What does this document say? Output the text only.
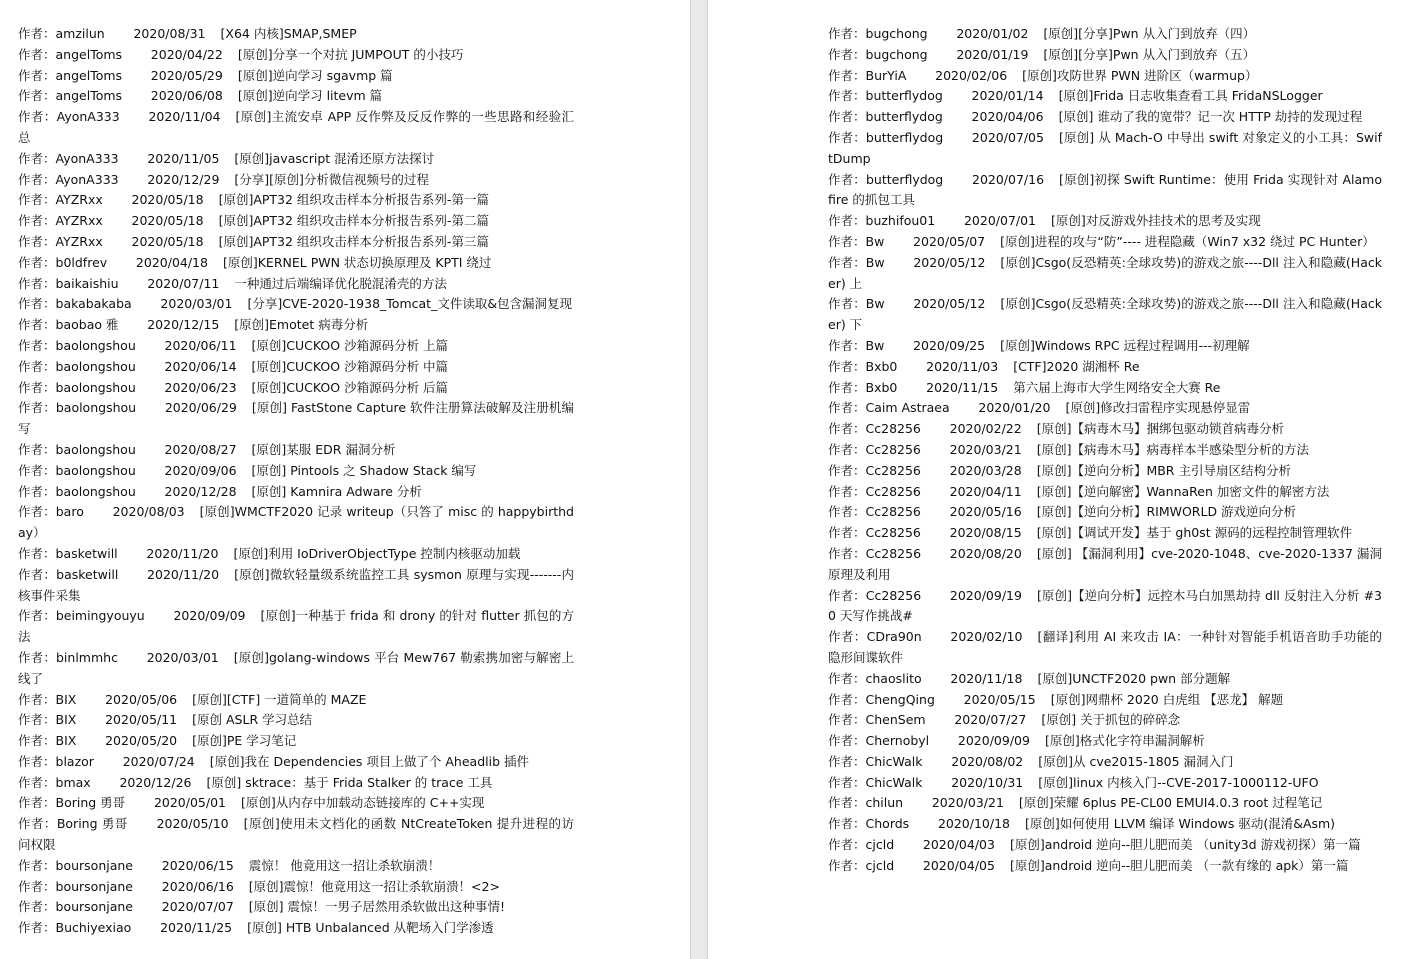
作者：amzilun 2020/08/31 [X64 内核]SMAP,SMEP

作者：angelToms 2020/04/22 [原创]分享一个对抗 JUMPOUT 的小技巧

作者：angelToms 2020/05/29 [原创]逆向学习 sgavmp 篇

作者：angelToms 2020/06/08 [原创]逆向学习 litevm 篇

作者：AyonA333 2020/11/04 [原创]主流安卓 APP 反作弊及反反作弊的一些思路和经验汇总

作者：AyonA333 2020/11/05 [原创]javascript 混淆还原方法探讨

作者：AyonA333 2020/12/29 [分享][原创]分析微信视频号的过程

作者：AYZRxx 2020/05/18 [原创]APT32 组织攻击样本分析报告系列-第一篇

作者：AYZRxx 2020/05/18 [原创]APT32 组织攻击样本分析报告系列-第二篇

作者：AYZRxx 2020/05/18 [原创]APT32 组织攻击样本分析报告系列-第三篇

作者：b0ldfrev 2020/04/18 [原创]KERNEL PWN 状态切换原理及 KPTI 绕过

作者：baikaishiu 2020/07/11 一种通过后端编译优化脱混淆壳的方法

作者：bakabakaba 2020/03/01 [分享]CVE-2020-1938_Tomcat_文件读取&包含漏洞复现

作者：baobao 雅 2020/12/15 [原创]Emotet 病毒分析

作者：baolongshou 2020/06/11 [原创]CUCKOO 沙箱源码分析 上篇

作者：baolongshou 2020/06/14 [原创]CUCKOO 沙箱源码分析 中篇

作者：baolongshou 2020/06/23 [原创]CUCKOO 沙箱源码分析 后篇

作者：baolongshou 2020/06/29 [原创] FastStone Capture 软件注册算法破解及注册机编写

作者：baolongshou 2020/08/27 [原创]某服 EDR 漏洞分析

作者：baolongshou 2020/09/06 [原创] Pintools 之 Shadow Stack 编写

作者：baolongshou 2020/12/28 [原创] Kamnira Adware 分析

作者：baro 2020/08/03 [原创]WMCTF2020 记录 writeup（只答了 misc 的 happybirthday）

作者：basketwill 2020/11/20 [原创]利用 IoDriverObjectType 控制内核驱动加载

作者：basketwill 2020/11/20 [原创]微软轻量级系统监控工具 sysmon 原理与实现-------内核事件采集

作者：beimingyouyu 2020/09/09 [原创]一种基于 frida 和 drony 的针对 flutter 抓包的方法

作者：binlmmhc 2020/03/01 [原创]golang-windows 平台 Mew767 勒索携加密与解密上线了

作者：BIX 2020/05/06 [原创][CTF] 一道简单的 MAZE

作者：BIX 2020/05/11 [原创 ASLR 学习总结

作者：BIX 2020/05/20 [原创]PE 学习笔记

作者：blazor 2020/07/24 [原创]我在 Dependencies 项目上做了个 Aheadlib 插件

作者：bmax 2020/12/26 [原创] sktrace：基于 Frida Stalker 的 trace 工具

作者：Boring 勇哥 2020/05/01 [原创]从内存中加载动态链接库的 C++实现

作者：Boring 勇哥 2020/05/10 [原创]使用未文档化的函数 NtCreateToken 提升进程的访问权限

作者：boursonjane 2020/06/15 震惊！ 他竟用这一招让杀软崩溃！

作者：boursonjane 2020/06/16 [原创]震惊！他竟用这一招让杀软崩溃！<2>

作者：boursonjane 2020/07/07 [原创] 震惊！一男子居然用杀软做出这种事情!

作者：Buchiyexiao 2020/11/25 [原创] HTB Unbalanced 从靶场入门学渗透

作者：bugchong 2020/01/02 [原创][分享]Pwn 从入门到放弃（四）

作者：bugchong 2020/01/19 [原创][分享]Pwn 从入门到放弃（五）

作者：BurYiA 2020/02/06 [原创]攻防世界 PWN 进阶区（warmup）

作者：butterflydog 2020/01/14 [原创]Frida 日志收集查看工具 FridaNSLogger

作者：butterflydog 2020/04/06 [原创] 谁动了我的宽带？记一次 HTTP 劫持的发现过程

作者：butterflydog 2020/07/05 [原创] 从 Mach-O 中导出 swift 对象定义的小工具：SwiftDump

作者：butterflydog 2020/07/16 [原创]初探 Swift Runtime：使用 Frida 实现针对 Alamofire 的抓包工具

作者：buzhifou01 2020/07/01 [原创]对反游戏外挂技术的思考及实现

作者：Bw 2020/05/07 [原创]进程的攻与“防”---- 进程隐藏（Win7 x32 绕过 PC Hunter）

作者：Bw 2020/05/12 [原创]Csgo(反恐精英:全球攻势)的游戏之旅----Dll 注入和隐藏(Hacker) 上

作者：Bw 2020/05/12 [原创]Csgo(反恐精英:全球攻势)的游戏之旅----Dll 注入和隐藏(Hacker) 下

作者：Bw 2020/09/25 [原创]Windows RPC 远程过程调用---初理解

作者：Bxb0 2020/11/03 [CTF]2020 湖湘杯 Re

作者：Bxb0 2020/11/15 第六届上海市大学生网络安全大赛 Re

作者：Caim Astraea 2020/01/20 [原创]修改扫雷程序实现悬停显雷

作者：Cc28256 2020/02/22 [原创]【病毒木马】捆绑包驱动锁首病毒分析

作者：Cc28256 2020/03/21 [原创]【病毒木马】病毒样本半感染型分析的方法

作者：Cc28256 2020/03/28 [原创]【逆向分析】MBR 主引导扇区结构分析

作者：Cc28256 2020/04/11 [原创]【逆向解密】WannaRen 加密文件的解密方法

作者：Cc28256 2020/05/16 [原创]【逆向分析】RIMWORLD 游戏逆向分析

作者：Cc28256 2020/08/15 [原创]【调试开发】基于 gh0st 源码的远程控制管理软件

作者：Cc28256 2020/08/20 [原创] 【漏洞利用】cve-2020-1048、cve-2020-1337 漏洞原理及利用

作者：Cc28256 2020/09/19 [原创]【逆向分析】远控木马白加黑劫持 dll 反射注入分析 #30 天写作挑战#

作者：CDra90n 2020/02/10 [翻译]利用 AI 来攻击 IA：一种针对智能手机语音助手功能的隐形间谍软件

作者：chaoslito 2020/11/18 [原创]UNCTF2020 pwn 部分题解

作者：ChengQing 2020/05/15 [原创]网鼎杯 2020 白虎组 【恶龙】 解题

作者：ChenSem 2020/07/27 [原创] 关于抓包的碎碎念

作者：Chernobyl 2020/09/09 [原创]格式化字符串漏洞解析

作者：ChicWalk 2020/08/02 [原创]从 cve2015-1805 漏洞入门

作者：ChicWalk 2020/10/31 [原创]linux 内核入门--CVE-2017-1000112-UFO

作者：chilun 2020/03/21 [原创]荣耀 6plus PE-CL00 EMUI4.0.3 root 过程笔记

作者：Chords 2020/10/18 [原创]如何使用 LLVM 编译 Windows 驱动(混淆&Asm)

作者：cjcld 2020/04/03 [原创]android 逆向--胆儿肥而美 （unity3d 游戏初探）第一篇

作者：cjcld 2020/04/05 [原创]android 逆向--胆儿肥而美 （一款有缘的 apk）第一篇
